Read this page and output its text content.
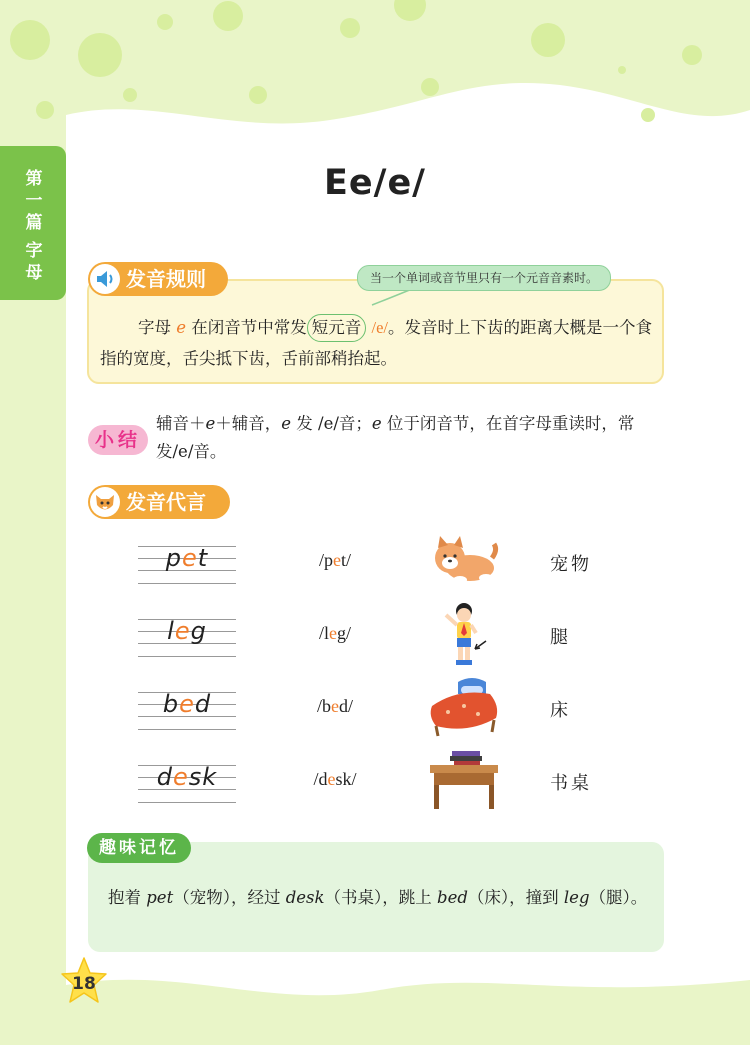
第一篇
字母
Ee/e/
发音规则	当一个单词或音节里只有一个元音音素时。
字母 e 在闭音节中常发 短元音 /e/。发音时上下齿的距离大概是一个食指的宽度，舌尖抵下齿，舌前部稍抬起。
小结
辅音＋e＋辅音，e 发 /e/音；e 位于闭音节，在首字母重读时，常发/e/音。
发音代言
pet	/pet/	宠物
leg	/leg/	腿
bed	/bed/	床
desk	/desk/	书桌
趣味记忆
抱着 pet（宠物），经过 desk（书桌），跳上 bed（床），撞到 leg（腿）。
18
